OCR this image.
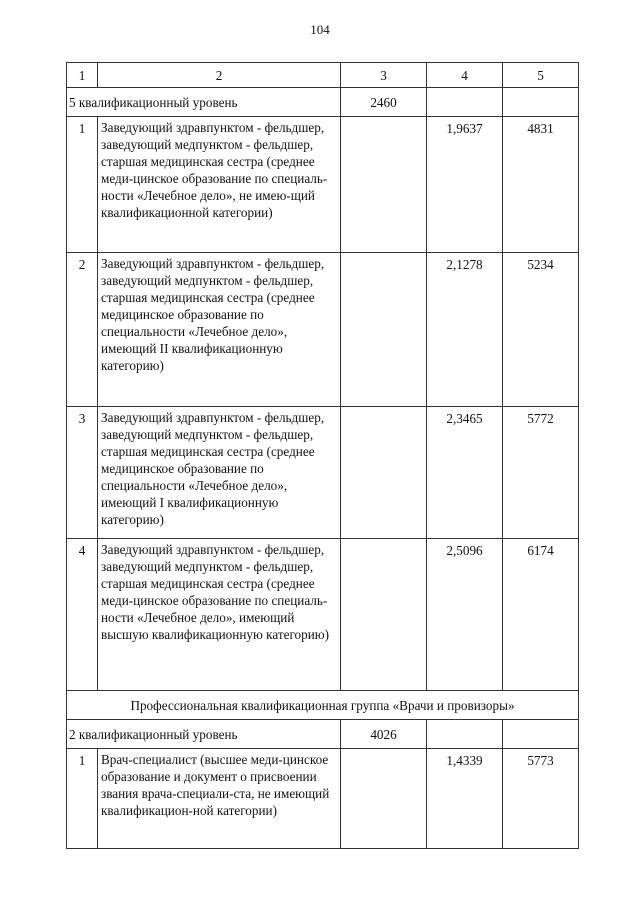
104
1	2	3	4	5
5 квалификационный уровень		2460		
1	Заведующий здравпунктом - фельдшер, заведующий медпунктом - фельдшер, старшая медицинская сестра (среднее меди-цинское образование по специаль-ности «Лечебное дело», не имею-щий квалификационной категории)		1,9637	4831
2	Заведующий здравпунктом - фельдшер, заведующий медпунктом - фельдшер, старшая медицинская сестра (среднее медицинское образование по специальности «Лечебное дело», имеющий II квалификационную категорию)		2,1278	5234
3	Заведующий здравпунктом - фельдшер, заведующий медпунктом - фельдшер, старшая медицинская сестра (среднее медицинское образование по специальности «Лечебное дело», имеющий I квалификационную категорию)		2,3465	5772
4	Заведующий здравпунктом - фельдшер, заведующий медпунктом - фельдшер, старшая медицинская сестра (среднее меди-цинское образование по специаль-ности «Лечебное дело», имеющий высшую квалификационную категорию)		2,5096	6174
Профессиональная квалификационная группа «Врачи и провизоры»				
2 квалификационный уровень		4026		
1	Врач-специалист (высшее меди-цинское образование и документ о присвоении звания врача-специали-ста, не имеющий квалификацион-ной категории)		1,4339	5773
